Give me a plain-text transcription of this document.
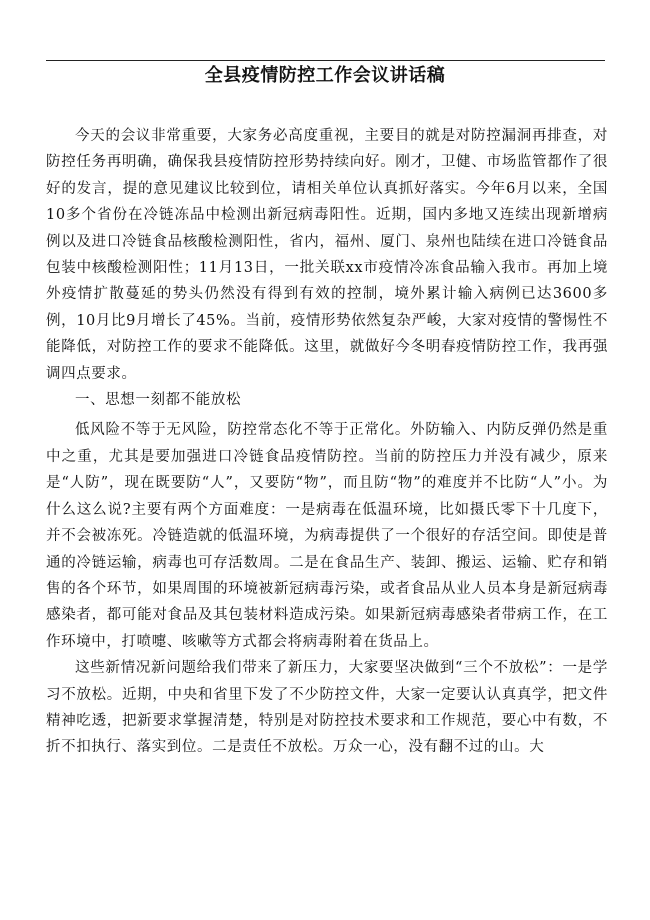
全县疫情防控工作会议讲话稿

今天的会议非常重要，大家务必高度重视，主要目的就是对防控漏洞再排查，对防控任务再明确，确保我县疫情防控形势持续向好。刚才，卫健、市场监管都作了很好的发言，提的意见建议比较到位，请相关单位认真抓好落实。今年6月以来，全国10多个省份在冷链冻品中检测出新冠病毒阳性。近期，国内多地又连续出现新增病例以及进口冷链食品核酸检测阳性，省内，福州、厦门、泉州也陆续在进口冷链食品包装中核酸检测阳性；11月13日，一批关联xx市疫情冷冻食品输入我市。再加上境外疫情扩散蔓延的势头仍然没有得到有效的控制，境外累计输入病例已达3600多例，10月比9月增长了45%。当前，疫情形势依然复杂严峻，大家对疫情的警惕性不能降低，对防控工作的要求不能降低。这里，就做好今冬明春疫情防控工作，我再强调四点要求。

一、思想一刻都不能放松

低风险不等于无风险，防控常态化不等于正常化。外防输入、内防反弹仍然是重中之重，尤其是要加强进口冷链食品疫情防控。当前的防控压力并没有减少，原来是“人防”，现在既要防“人”，又要防“物”，而且防“物”的难度并不比防“人”小。为什么这么说?主要有两个方面难度：一是病毒在低温环境，比如摄氏零下十几度下，并不会被冻死。冷链造就的低温环境，为病毒提供了一个很好的存活空间。即使是普通的冷链运输，病毒也可存活数周。二是在食品生产、装卸、搬运、运输、贮存和销售的各个环节，如果周围的环境被新冠病毒污染，或者食品从业人员本身是新冠病毒感染者，都可能对食品及其包装材料造成污染。如果新冠病毒感染者带病工作，在工作环境中，打喷嚏、咳嗽等方式都会将病毒附着在货品上。

这些新情况新问题给我们带来了新压力，大家要坚决做到“三个不放松”：一是学习不放松。近期，中央和省里下发了不少防控文件，大家一定要认认真真学，把文件精神吃透，把新要求掌握清楚，特别是对防控技术要求和工作规范，要心中有数，不折不扣执行、落实到位。二是责任不放松。万众一心，没有翻不过的山。大
